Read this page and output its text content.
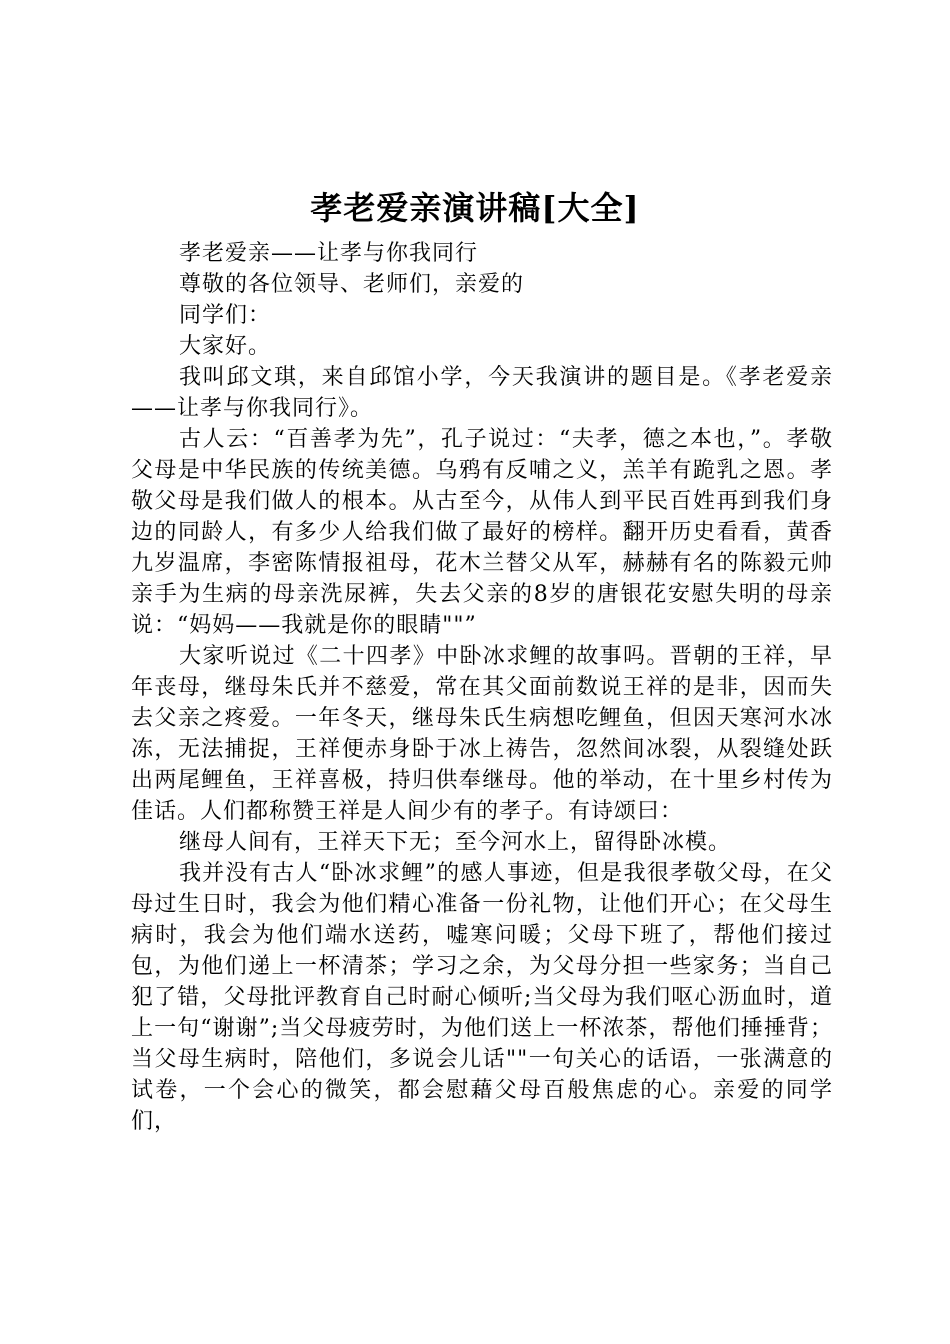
孝老爱亲演讲稿[大全]

孝老爱亲——让孝与你我同行

尊敬的各位领导、老师们，亲爱的

同学们：

大家好。

我叫邱文琪，来自邱馆小学，今天我演讲的题目是。《孝老爱亲——让孝与你我同行》。

古人云：“百善孝为先”，孔子说过：“夫孝，德之本也，”。孝敬父母是中华民族的传统美德。乌鸦有反哺之义，羔羊有跪乳之恩。孝敬父母是我们做人的根本。从古至今，从伟人到平民百姓再到我们身边的同龄人，有多少人给我们做了最好的榜样。翻开历史看看，黄香九岁温席，李密陈情报祖母，花木兰替父从军，赫赫有名的陈毅元帅亲手为生病的母亲洗尿裤，失去父亲的8岁的唐银花安慰失明的母亲说：“妈妈——我就是你的眼睛""”

大家听说过《二十四孝》中卧冰求鲤的故事吗。晋朝的王祥，早年丧母，继母朱氏并不慈爱，常在其父面前数说王祥的是非，因而失去父亲之疼爱。一年冬天，继母朱氏生病想吃鲤鱼，但因天寒河水冰冻，无法捕捉，王祥便赤身卧于冰上祷告，忽然间冰裂，从裂缝处跃出两尾鲤鱼，王祥喜极，持归供奉继母。他的举动，在十里乡村传为佳话。人们都称赞王祥是人间少有的孝子。有诗颂曰：

继母人间有，王祥天下无；至今河水上，留得卧冰模。

我并没有古人“卧冰求鲤”的感人事迹，但是我很孝敬父母，在父母过生日时，我会为他们精心准备一份礼物，让他们开心；在父母生病时，我会为他们端水送药，嘘寒问暖；父母下班了，帮他们接过包，为他们递上一杯清茶；学习之余，为父母分担一些家务；当自己犯了错，父母批评教育自己时耐心倾听;当父母为我们呕心沥血时，道上一句“谢谢”;当父母疲劳时，为他们送上一杯浓茶，帮他们捶捶背；当父母生病时，陪他们，多说会儿话""一句关心的话语，一张满意的试卷，一个会心的微笑，都会慰藉父母百般焦虑的心。亲爱的同学们，
